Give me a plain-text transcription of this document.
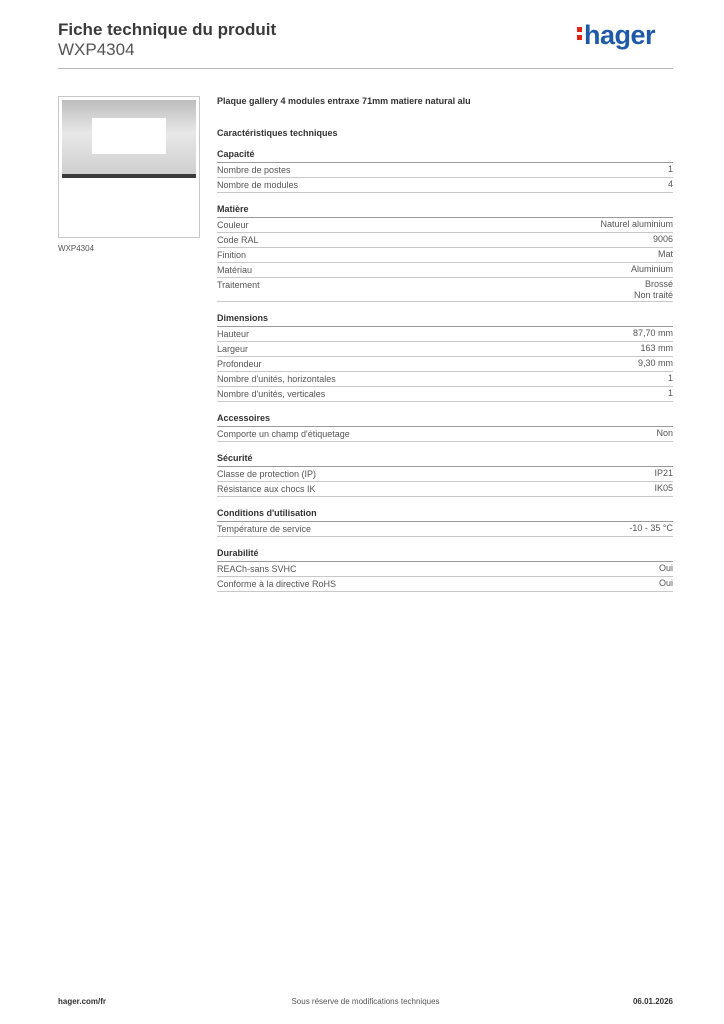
Fiche technique du produit
WXP4304	hager
WXP4304
Plaque gallery 4 modules entraxe 71mm matiere natural alu
Caractéristiques techniques
Capacité
Nombre de postes	1
Nombre de modules	4
Matière
Couleur	Naturel aluminium
Code RAL	9006
Finition	Mat
Matériau	Aluminium
Traitement	Brossé
Non traité
Dimensions
Hauteur	87,70 mm
Largeur	163 mm
Profondeur	9,30 mm
Nombre d'unités, horizontales	1
Nombre d'unités, verticales	1
Accessoires
Comporte un champ d'étiquetage	Non
Sécurité
Classe de protection (IP)	IP21
Résistance aux chocs IK	IK05
Conditions d'utilisation
Température de service	-10 - 35 °C
Durabilité
REACh-sans SVHC	Oui
Conforme à la directive RoHS	Oui
hager.com/fr	Sous réserve de modifications techniques	06.01.2026
